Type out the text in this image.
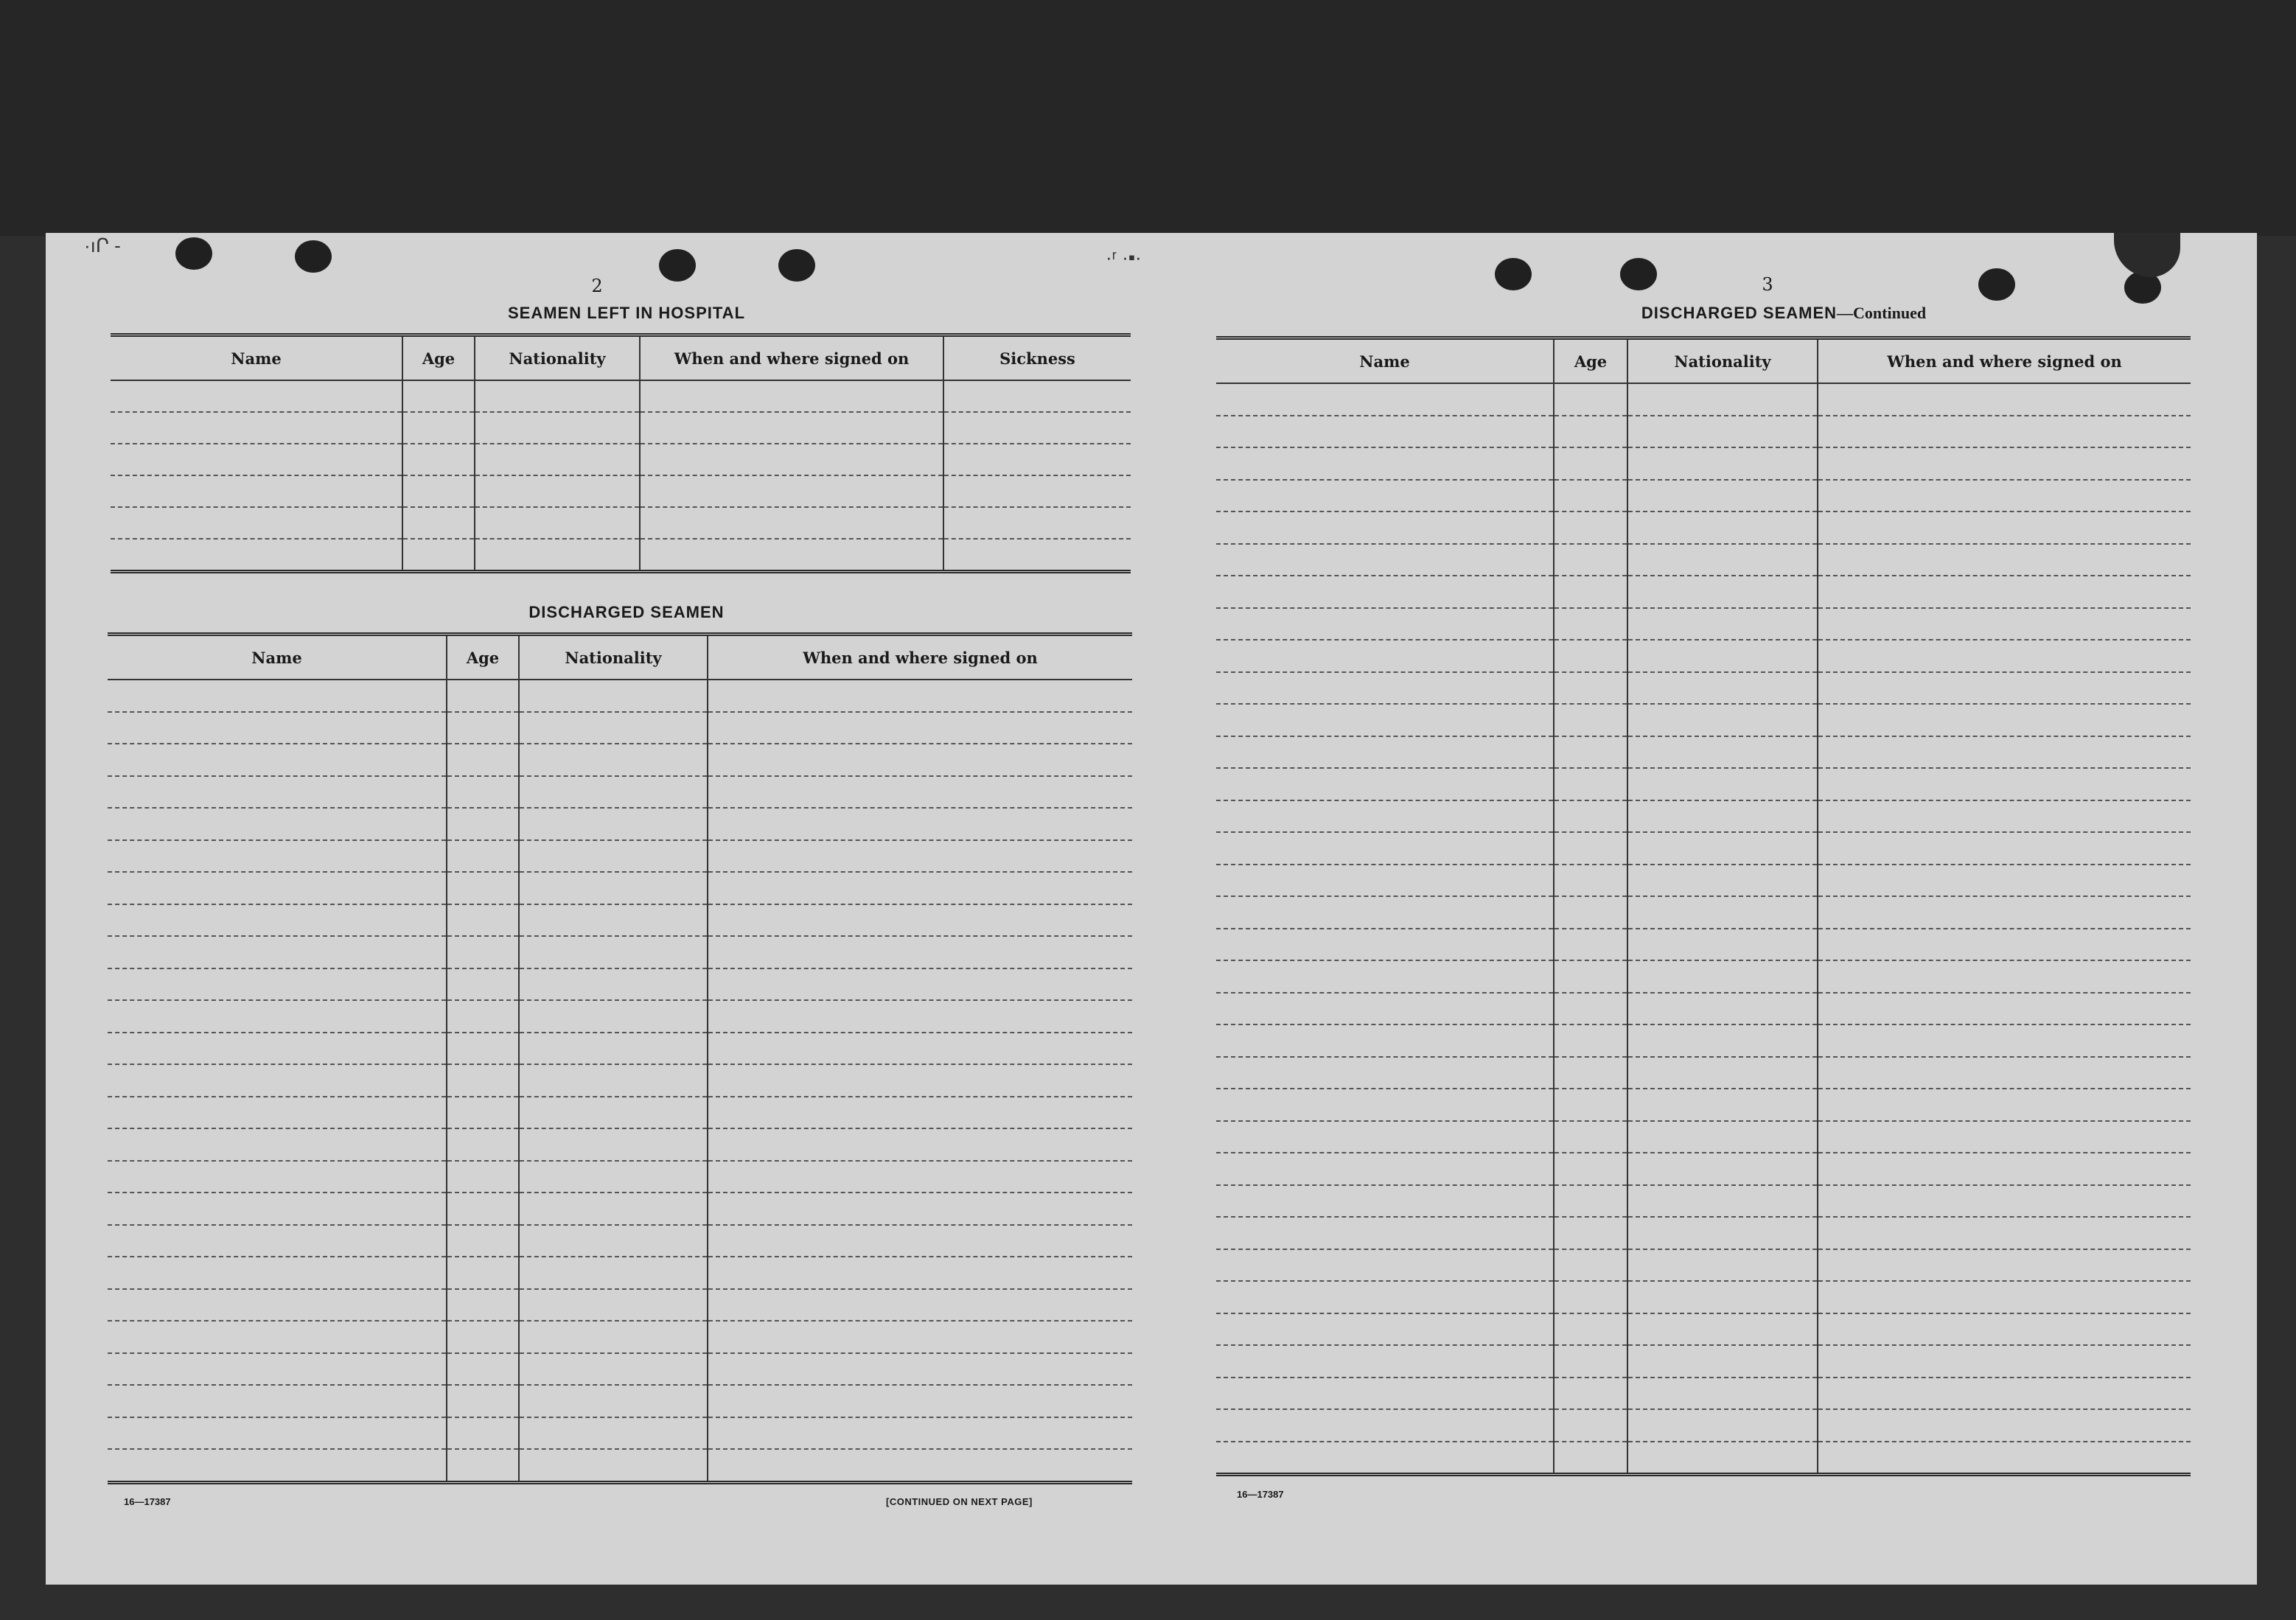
·ıՐ -
·ʳ ·▪·
2
SEAMEN LEFT IN HOSPITAL
Name	Age	Nationality	When and where signed on	Sickness

DISCHARGED SEAMEN
Name	Age	Nationality	When and where signed on

16—17387	[CONTINUED ON NEXT PAGE]
3
DISCHARGED SEAMEN—Continued
Name	Age	Nationality	When and where signed on

16—17387
